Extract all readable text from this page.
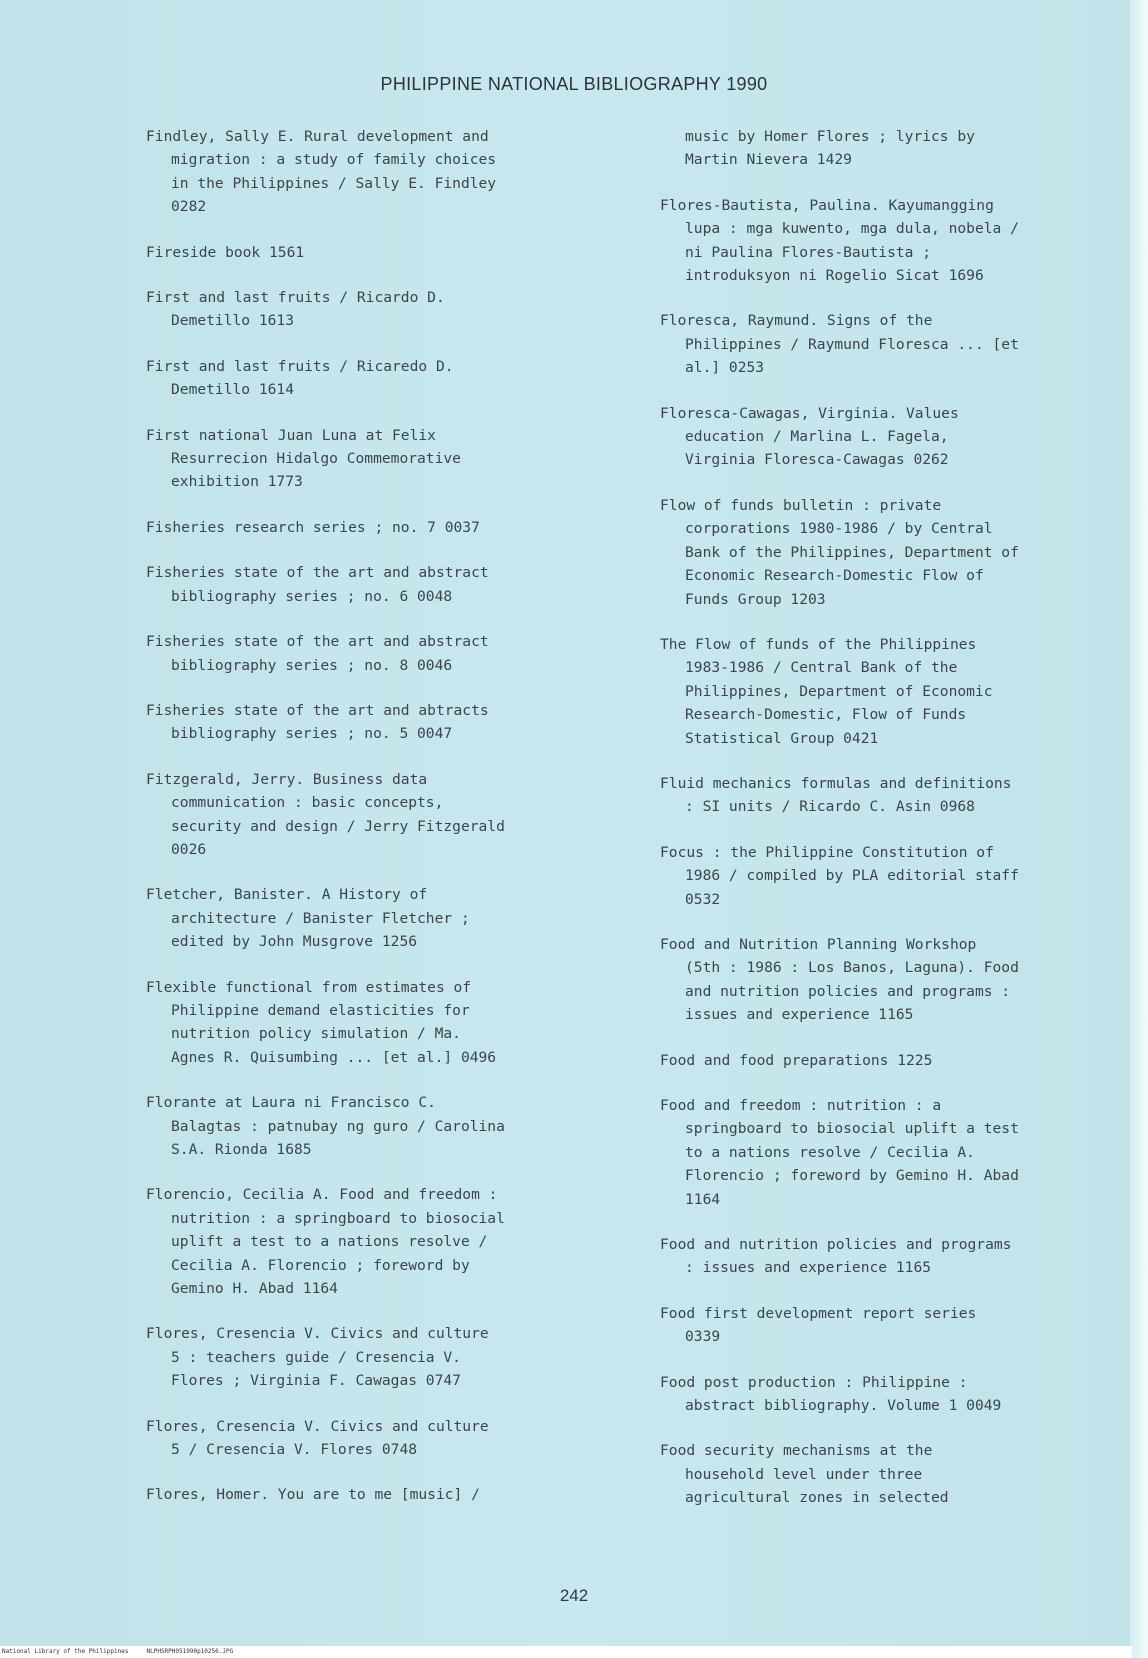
PHILIPPINE NATIONAL BIBLIOGRAPHY 1990
Findley, Sally E. Rural development and
migration : a study of family choices
in the Philippines / Sally E. Findley
0282
Fireside book 1561
First and last fruits / Ricardo D.
Demetillo 1613
First and last fruits / Ricaredo D.
Demetillo 1614
First national Juan Luna at Felix
Resurrecion Hidalgo Commemorative
exhibition 1773
Fisheries research series ; no. 7 0037
Fisheries state of the art and abstract
bibliography series ; no. 6 0048
Fisheries state of the art and abstract
bibliography series ; no. 8 0046
Fisheries state of the art and abtracts
bibliography series ; no. 5 0047
Fitzgerald, Jerry. Business data
communication : basic concepts,
security and design / Jerry Fitzgerald
0026
Fletcher, Banister. A History of
architecture / Banister Fletcher ;
edited by John Musgrove 1256
Flexible functional from estimates of
Philippine demand elasticities for
nutrition policy simulation / Ma.
Agnes R. Quisumbing ... [et al.] 0496
Florante at Laura ni Francisco C.
Balagtas : patnubay ng guro / Carolina
S.A. Rionda 1685
Florencio, Cecilia A. Food and freedom :
nutrition : a springboard to biosocial
uplift a test to a nations resolve /
Cecilia A. Florencio ; foreword by
Gemino H. Abad 1164
Flores, Cresencia V. Civics and culture
5 : teachers guide / Cresencia V.
Flores ; Virginia F. Cawagas 0747
Flores, Cresencia V. Civics and culture
5 / Cresencia V. Flores 0748
Flores, Homer. You are to me [music] /
music by Homer Flores ; lyrics by
Martin Nievera 1429
Flores-Bautista, Paulina. Kayumangging
lupa : mga kuwento, mga dula, nobela /
ni Paulina Flores-Bautista ;
introduksyon ni Rogelio Sicat 1696
Floresca, Raymund. Signs of the
Philippines / Raymund Floresca ... [et
al.] 0253
Floresca-Cawagas, Virginia. Values
education / Marlina L. Fagela,
Virginia Floresca-Cawagas 0262
Flow of funds bulletin : private
corporations 1980-1986 / by Central
Bank of the Philippines, Department of
Economic Research-Domestic Flow of
Funds Group 1203
The Flow of funds of the Philippines
1983-1986 / Central Bank of the
Philippines, Department of Economic
Research-Domestic, Flow of Funds
Statistical Group 0421
Fluid mechanics formulas and definitions
: SI units / Ricardo C. Asin 0968
Focus : the Philippine Constitution of
1986 / compiled by PLA editorial staff
0532
Food and Nutrition Planning Workshop
(5th : 1986 : Los Banos, Laguna). Food
and nutrition policies and programs :
issues and experience 1165
Food and food preparations 1225
Food and freedom : nutrition : a
springboard to biosocial uplift a test
to a nations resolve / Cecilia A.
Florencio ; foreword by Gemino H. Abad
1164
Food and nutrition policies and programs
: issues and experience 1165
Food first development report series
0339
Food post production : Philippine :
abstract bibliography. Volume 1 0049
Food security mechanisms at the
household level under three
agricultural zones in selected
242
National Library of the Philippines     NLPHSRPH051990p10256.JPG
